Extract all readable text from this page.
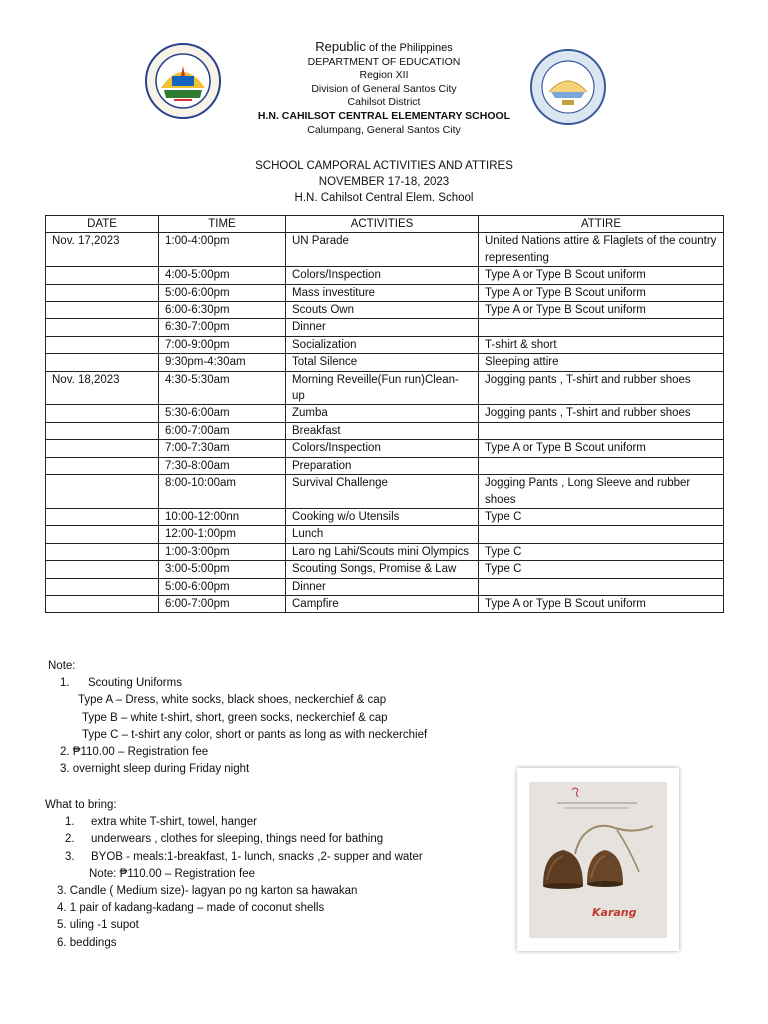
Republic of the Philippines
DEPARTMENT OF EDUCATION
Region XII
Division of General Santos City
Cahilsot District
H.N. CAHILSOT CENTRAL ELEMENTARY SCHOOL
Calumpang, General Santos City
SCHOOL CAMPORAL ACTIVITIES AND ATTIRES
NOVEMBER 17-18, 2023
H.N. Cahilsot Central Elem. School
DATE	TIME	ACTIVITIES	ATTIRE
Nov. 17,2023	1:00-4:00pm	UN Parade	United Nations attire & Flaglets of the country representing
	4:00-5:00pm	Colors/Inspection	Type A or Type B Scout uniform
	5:00-6:00pm	Mass investiture	Type A or Type B Scout uniform
	6:00-6:30pm	Scouts Own	Type A or Type B Scout uniform
	6:30-7:00pm	Dinner	
	7:00-9:00pm	Socialization	T-shirt & short
	9:30pm-4:30am	Total Silence	Sleeping attire
Nov. 18,2023	4:30-5:30am	Morning Reveille(Fun run)Clean- up	Jogging pants , T-shirt and rubber shoes
	5:30-6:00am	Zumba	Jogging pants , T-shirt and rubber shoes
	6:00-7:00am	Breakfast	
	7:00-7:30am	Colors/Inspection	Type A or Type B Scout uniform
	7:30-8:00am	Preparation	
	8:00-10:00am	Survival Challenge	Jogging Pants , Long Sleeve and rubber shoes
	10:00-12:00nn	Cooking w/o Utensils	Type C
	12:00-1:00pm	Lunch	
	1:00-3:00pm	Laro ng Lahi/Scouts mini Olympics	Type C
	3:00-5:00pm	Scouting Songs, Promise & Law	Type C
	5:00-6:00pm	Dinner	
	6:00-7:00pm	Campfire	Type A or Type B Scout uniform
Note:
1. Scouting Uniforms
Type A – Dress, white socks, black shoes, neckerchief & cap
Type B – white t-shirt, short, green socks, neckerchief & cap
Type C – t-shirt any color, short or pants as long as with neckerchief
2. ₱110.00 – Registration fee
3. overnight sleep during Friday night
What to bring:
1. extra white T-shirt, towel, hanger
2. underwears , clothes for sleeping, things need for bathing
3. BYOB - meals:1-breakfast, 1- lunch, snacks ,2- supper and water
Note: ₱110.00 – Registration fee
3. Candle ( Medium size)- lagyan po ng karton sa hawakan
4. 1 pair of kadang-kadang – made of coconut shells
5. uling -1 supot
6. beddings
Karang
